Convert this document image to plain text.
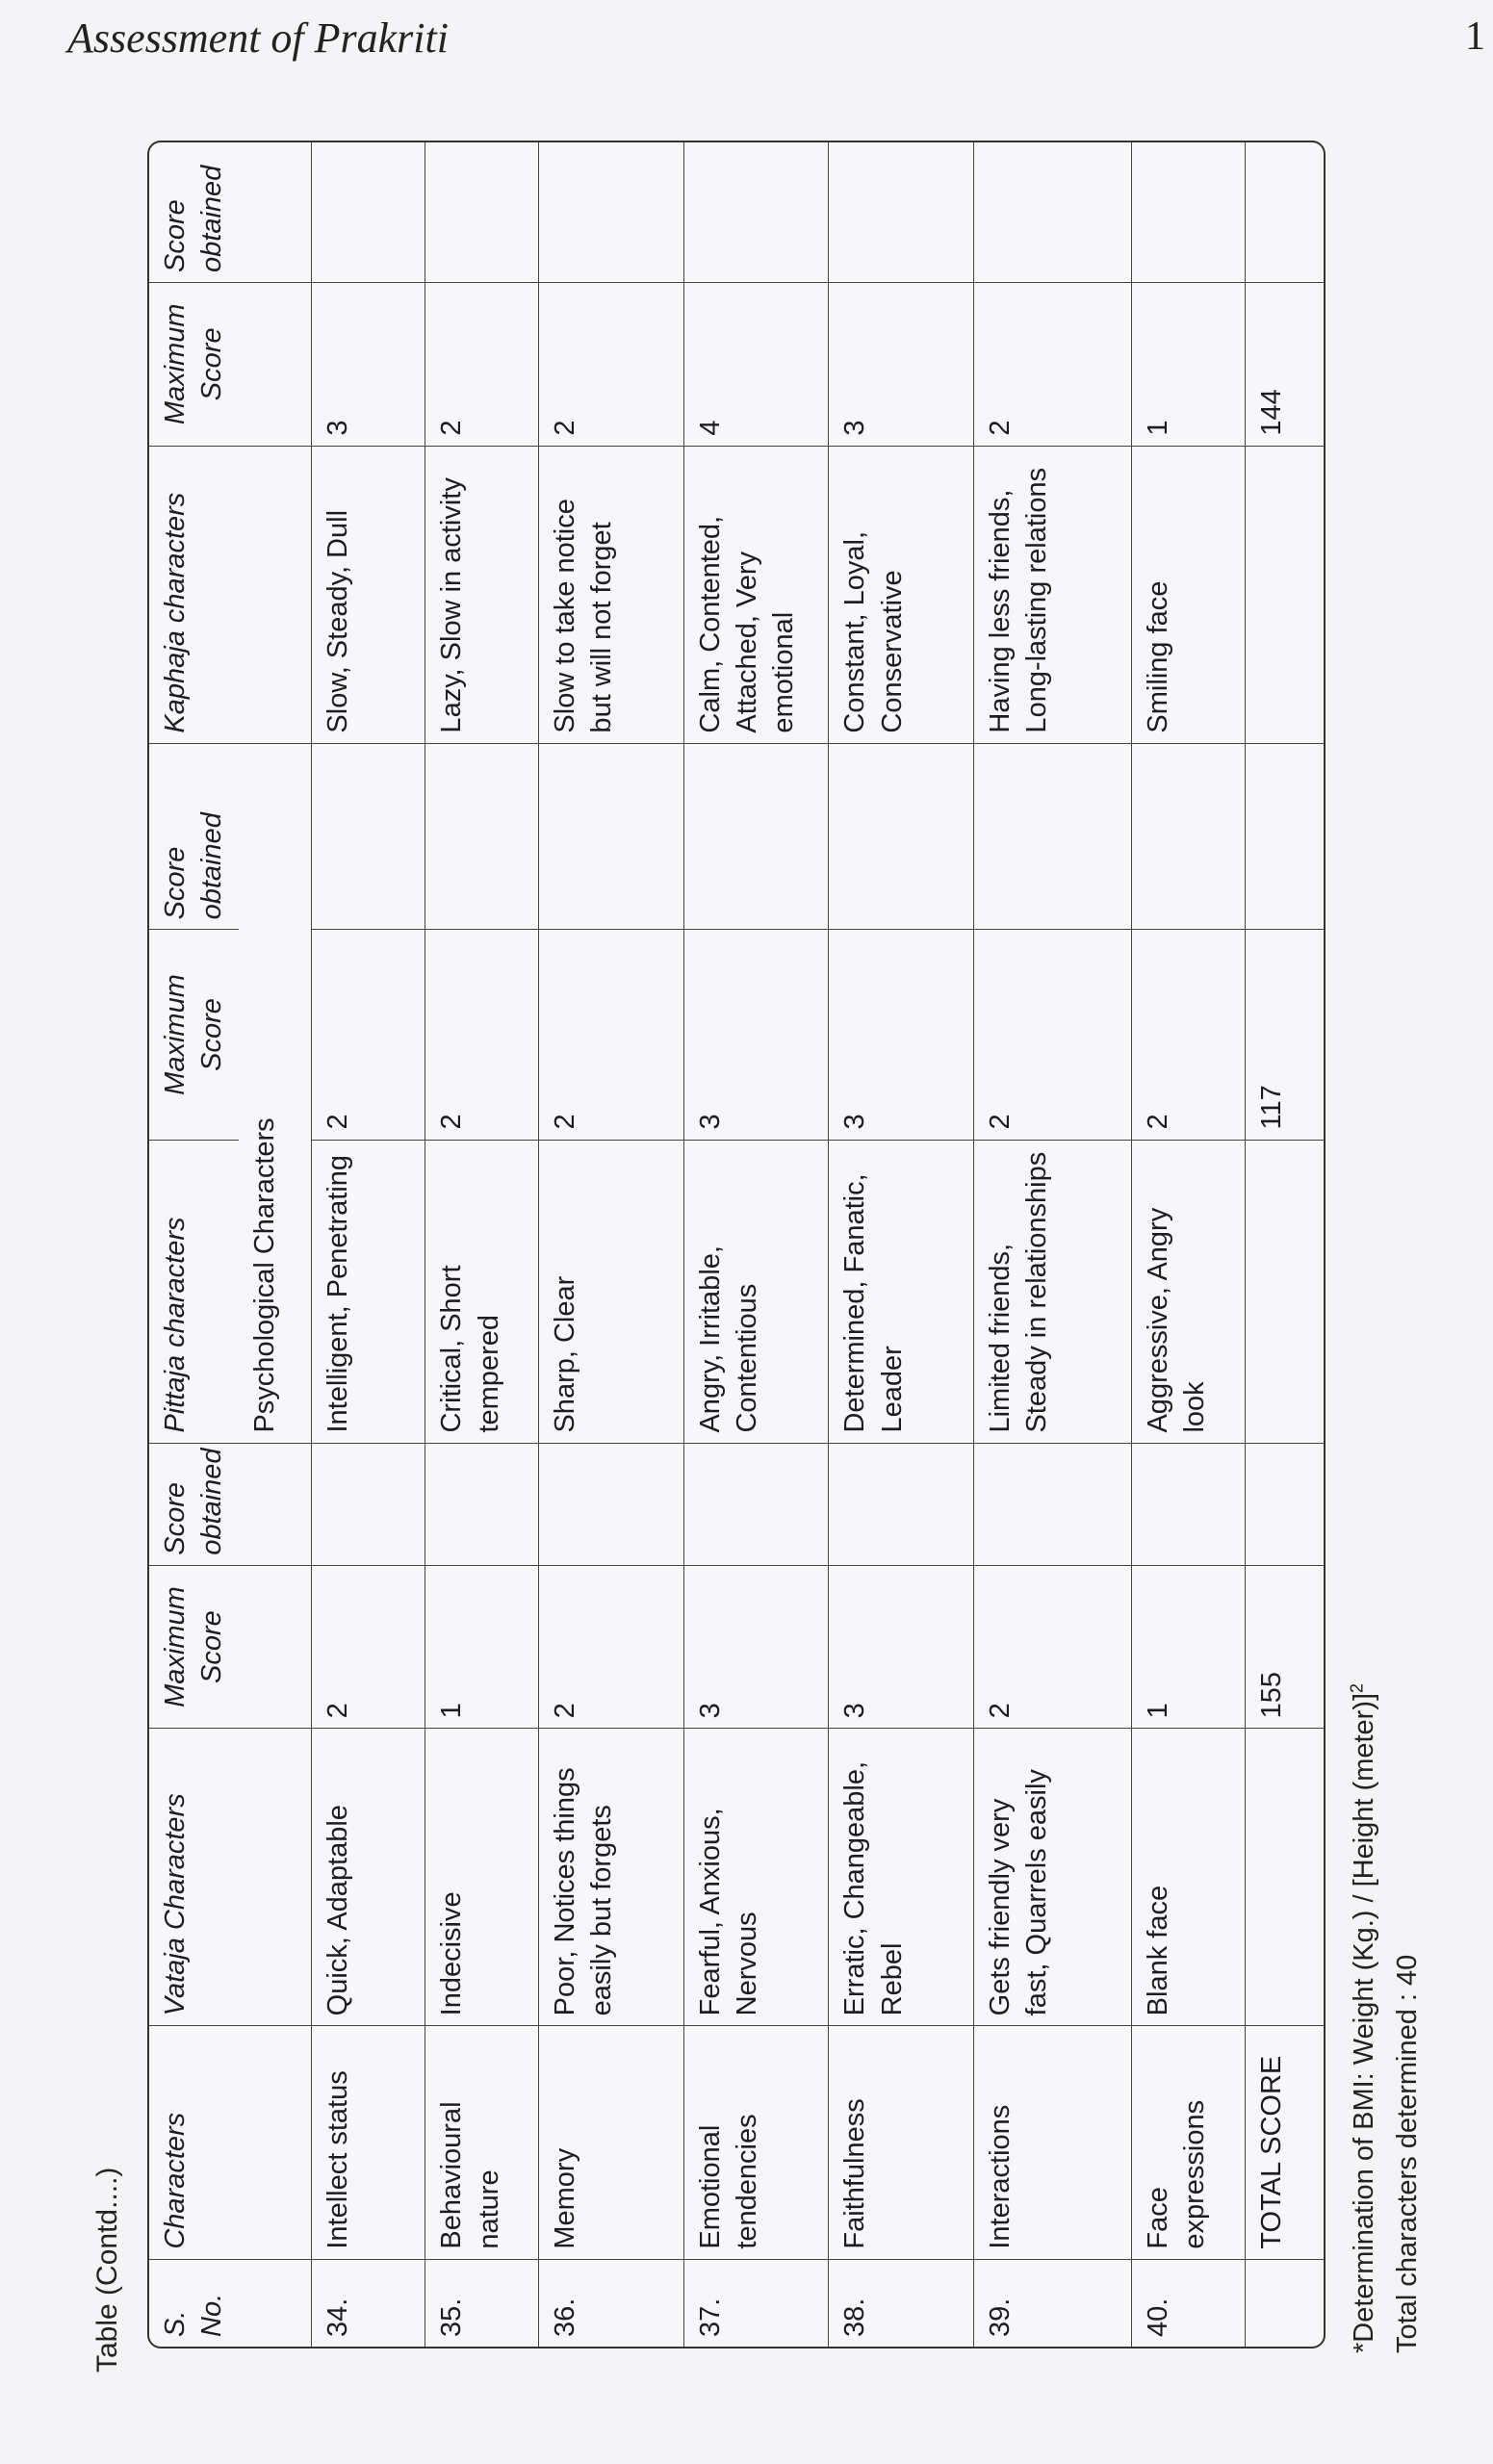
Assessment of Prakriti	1
Table (Contd....) S. No.	Characters	Vataja Characters	Maximum Score	Score obtained	Pittaja characters	Maximum Score	Score obtained	Kaphaja characters	Maximum Score	Score obtained
					Psychological Characters					
34.	Intellect status	Quick, Adaptable	2		Intelligent, Penetrating	2		Slow, Steady, Dull	3	
35.	Behavioural nature	Indecisive	1		Critical, Short tempered	2		Lazy, Slow in activity	2	
36.	Memory	Poor, Notices things easily but forgets	2		Sharp, Clear	2		Slow to take notice but will not forget	2	
37.	Emotional tendencies	Fearful, Anxious, Nervous	3		Angry, Irritable, Contentious	3		Calm, Contented, Attached, Very emotional	4	
38.	Faithfulness	Erratic, Changeable, Rebel	3		Determined, Fanatic, Leader	3		Constant, Loyal, Conservative	3	
39.	Interactions	Gets friendly very fast, Quarrels easily	2		Limited friends, Steady in relationships	2		Having less friends, Long-lasting relations	2	
40.	Face expressions	Blank face	1		Aggressive, Angry look	2		Smiling face	1	
	TOTAL SCORE		155			117			144	
*Determination of BMI: Weight (Kg.) / [Height (meter)]$^2$
Total characters determined : 40
